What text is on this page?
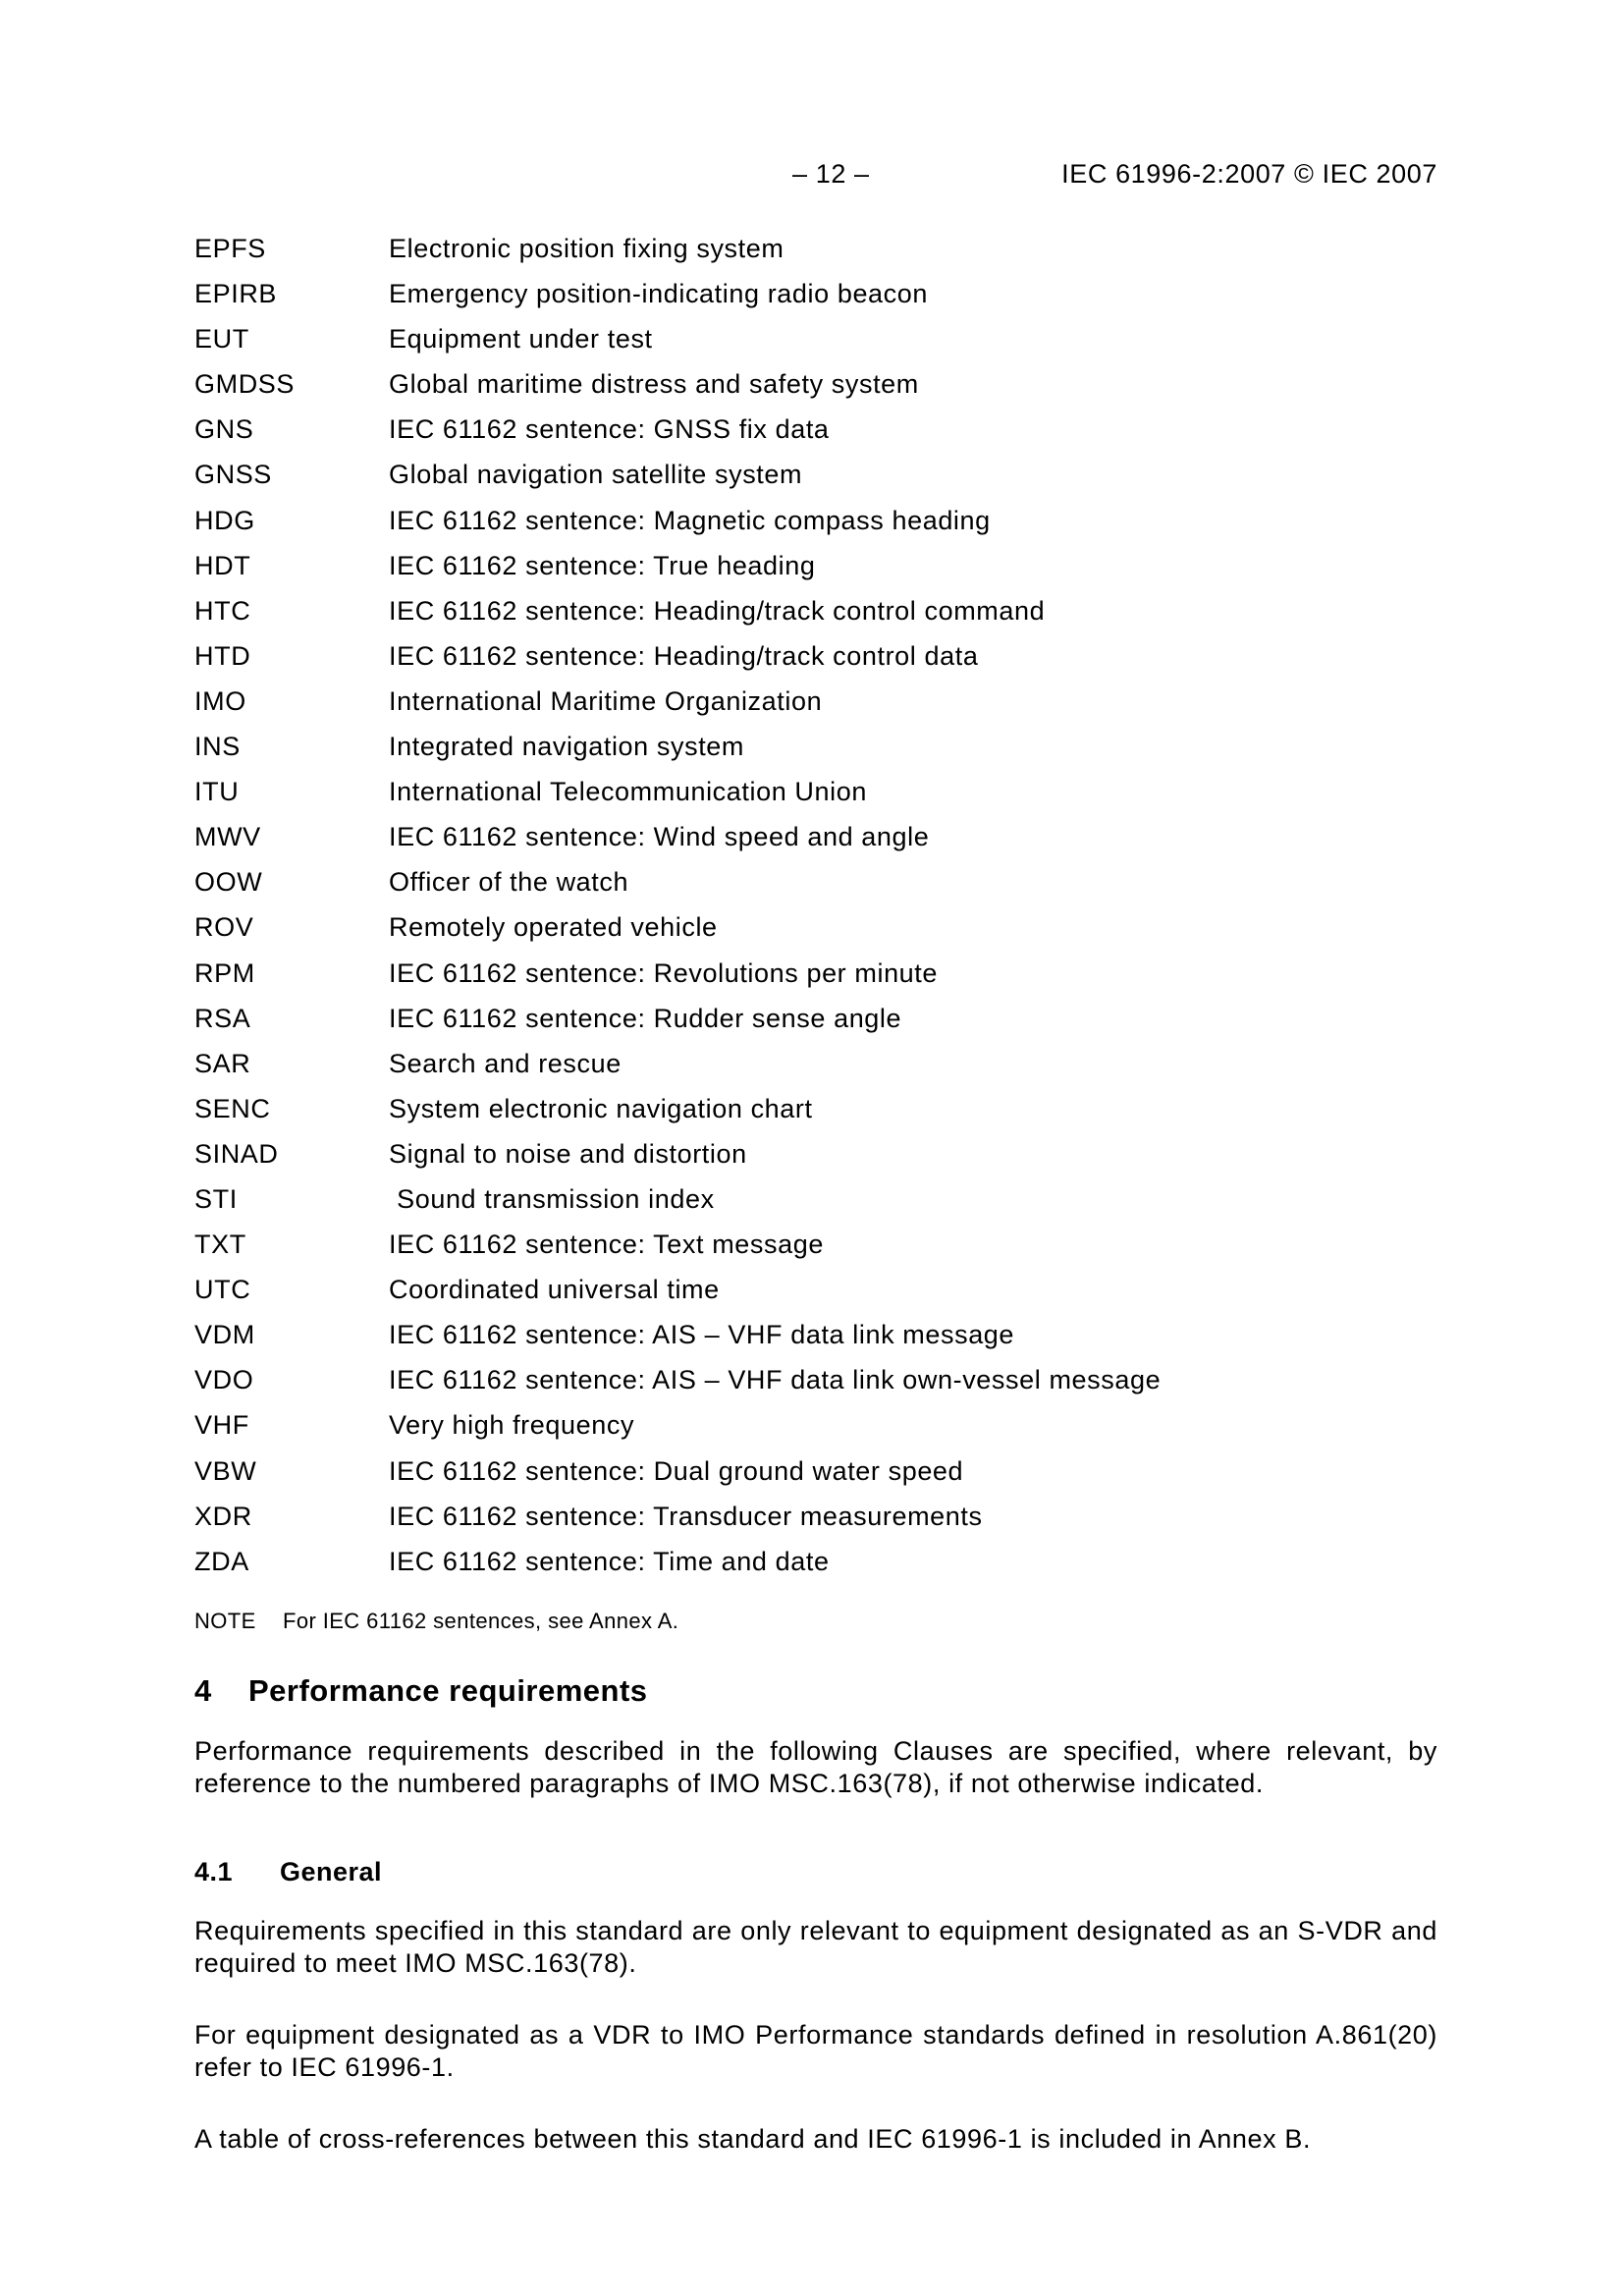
– 12 –	IEC 61996-2:2007 © IEC 2007
EPFS	Electronic position fixing system
EPIRB	Emergency position-indicating radio beacon
EUT	Equipment under test
GMDSS	Global maritime distress and safety system
GNS	IEC 61162 sentence: GNSS fix data
GNSS	Global navigation satellite system
HDG	IEC 61162 sentence: Magnetic compass heading
HDT	IEC 61162 sentence: True heading
HTC	IEC 61162 sentence: Heading/track control command
HTD	IEC 61162 sentence: Heading/track control data
IMO	International Maritime Organization
INS	Integrated navigation system
ITU	International Telecommunication Union
MWV	IEC 61162 sentence: Wind speed and angle
OOW	Officer of the watch
ROV	Remotely operated vehicle
RPM	IEC 61162 sentence: Revolutions per minute
RSA	IEC 61162 sentence: Rudder sense angle
SAR	Search and rescue
SENC	System electronic navigation chart
SINAD	Signal to noise and distortion
STI	Sound transmission index
TXT	IEC 61162 sentence: Text message
UTC	Coordinated universal time
VDM	IEC 61162 sentence: AIS – VHF data link message
VDO	IEC 61162 sentence: AIS – VHF data link own-vessel message
VHF	Very high frequency
VBW	IEC 61162 sentence: Dual ground water speed
XDR	IEC 61162 sentence: Transducer measurements
ZDA	IEC 61162 sentence: Time and date
NOTE For IEC 61162 sentences, see Annex A.
4 Performance requirements
Performance requirements described in the following Clauses are specified, where relevant, by reference to the numbered paragraphs of IMO MSC.163(78), if not otherwise indicated.
4.1 General
Requirements specified in this standard are only relevant to equipment designated as an S-VDR and required to meet IMO MSC.163(78).
For equipment designated as a VDR to IMO Performance standards defined in resolution A.861(20) refer to IEC 61996-1.
A table of cross-references between this standard and IEC 61996-1 is included in Annex B.
